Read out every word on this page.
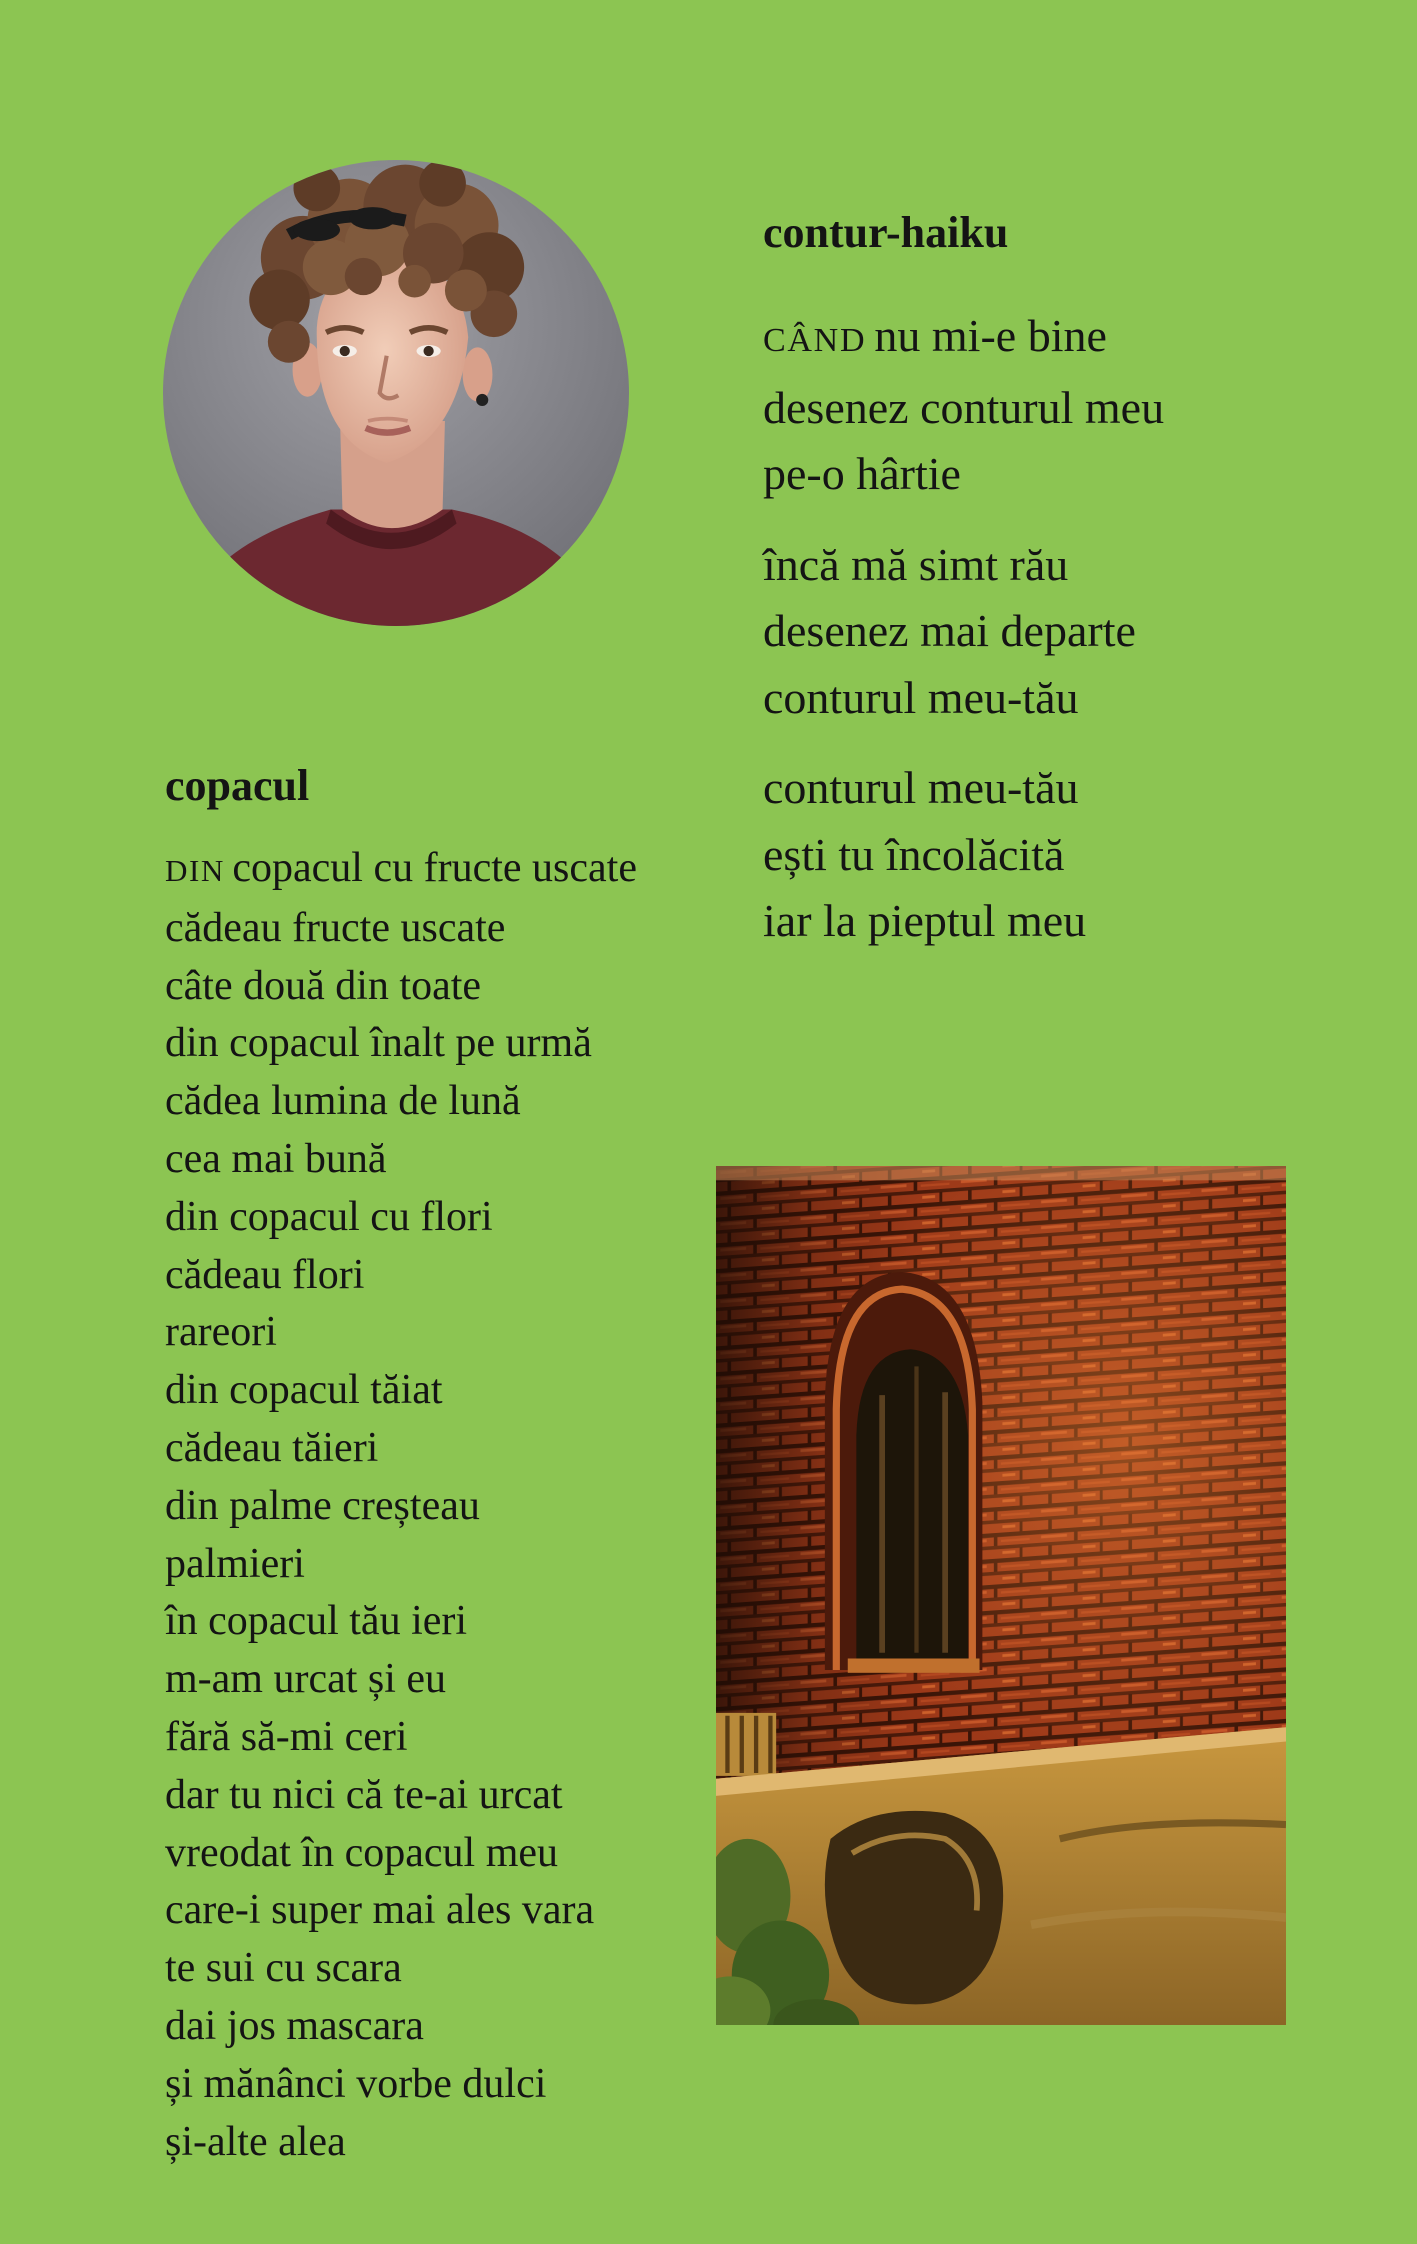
contur-haiku
CÂND nu mi-e bine
desenez conturul meu
pe-o hârtie
încă mă simt rău
desenez mai departe
conturul meu-tău
conturul meu-tău
ești tu încolăcită
iar la pieptul meu
copacul
DIN copacul cu fructe uscate
cădeau fructe uscate
câte două din toate
din copacul înalt pe urmă
cădea lumina de lună
cea mai bună
din copacul cu flori
cădeau flori
rareori
din copacul tăiat
cădeau tăieri
din palme creșteau
palmieri
în copacul tău ieri
m-am urcat și eu
fără să-mi ceri
dar tu nici că te-ai urcat
vreodat în copacul meu
care-i super mai ales vara
te sui cu scara
dai jos mascara
și mănânci vorbe dulci
și-alte alea
